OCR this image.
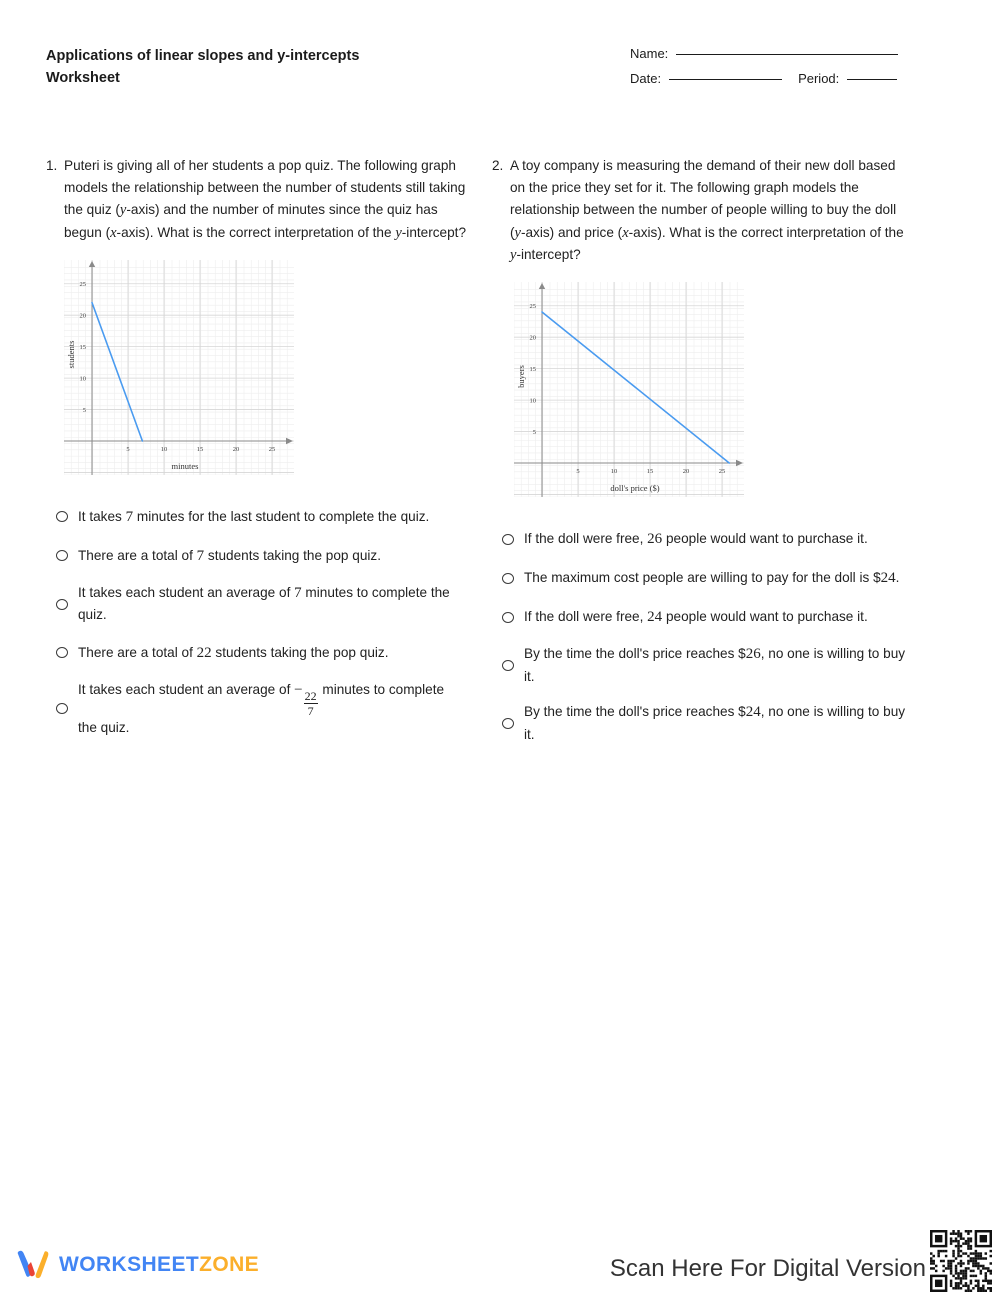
Applications of linear slopes and y-intercepts
Worksheet
Name:
Date:	Period:
1. Puteri is giving all of her students a pop quiz. The following graph models the relationship between the number of students still taking the quiz (y-axis) and the number of minutes since the quiz has begun (x-axis). What is the correct interpretation of the y-intercept?
5	10	15	20	25
5
10
15
20
25
minutes
students
It takes 7 minutes for the last student to complete the quiz.
There are a total of 7 students taking the pop quiz.
It takes each student an average of 7 minutes to complete the quiz.
There are a total of 22 students taking the pop quiz.
It takes each student an average of − $\frac{22}{7}$
minutes to complete the quiz.
2. A toy company is measuring the demand of their new doll based on the price they set for it. The following graph models the relationship between the number of people willing to buy the doll (y-axis) and price (x-axis). What is the correct interpretation of the y-intercept?
5	10	15	20	25
5
10
15
20
25
doll's price ($)
buyers
If the doll were free, 26 people would want to purchase it.
The maximum cost people are willing to pay for the doll is $24.
If the doll were free, 24 people would want to purchase it.
By the time the doll's price reaches $26, no one is willing to buy it.
By the time the doll's price reaches $24, no one is willing to buy it.
WORKSHEETZONE	Scan Here For Digital Version
